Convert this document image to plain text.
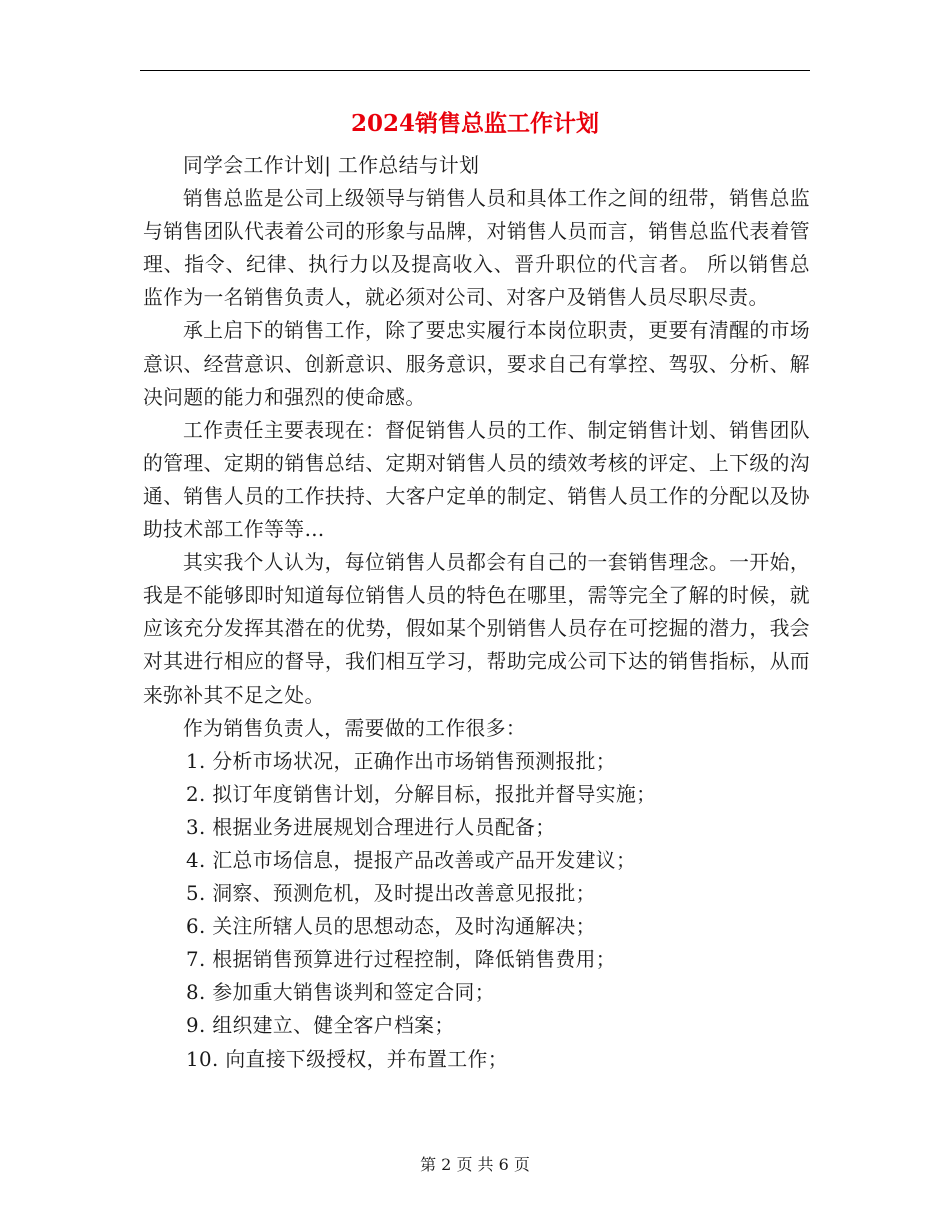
2024销售总监工作计划

同学会工作计划| 工作总结与计划

销售总监是公司上级领导与销售人员和具体工作之间的纽带，销售总监与销售团队代表着公司的形象与品牌，对销售人员而言，销售总监代表着管理、指令、纪律、执行力以及提高收入、晋升职位的代言者。 所以销售总监作为一名销售负责人，就必须对公司、对客户及销售人员尽职尽责。

承上启下的销售工作，除了要忠实履行本岗位职责，更要有清醒的市场意识、经营意识、创新意识、服务意识，要求自己有掌控、驾驭、分析、解决问题的能力和强烈的使命感。

工作责任主要表现在：督促销售人员的工作、制定销售计划、销售团队的管理、定期的销售总结、定期对销售人员的绩效考核的评定、上下级的沟通、销售人员的工作扶持、大客户定单的制定、销售人员工作的分配以及协助技术部工作等等…

其实我个人认为，每位销售人员都会有自己的一套销售理念。一开始，我是不能够即时知道每位销售人员的特色在哪里，需等完全了解的时候，就应该充分发挥其潜在的优势，假如某个别销售人员存在可挖掘的潜力，我会对其进行相应的督导，我们相互学习，帮助完成公司下达的销售指标，从而来弥补其不足之处。

作为销售负责人，需要做的工作很多：

1. 分析市场状况，正确作出市场销售预测报批；

2. 拟订年度销售计划，分解目标，报批并督导实施；

3. 根据业务进展规划合理进行人员配备；

4. 汇总市场信息，提报产品改善或产品开发建议；

5. 洞察、预测危机，及时提出改善意见报批；

6. 关注所辖人员的思想动态，及时沟通解决；

7. 根据销售预算进行过程控制，降低销售费用；

8. 参加重大销售谈判和签定合同；

9. 组织建立、健全客户档案；

10. 向直接下级授权，并布置工作；

第 2 页 共 6 页
